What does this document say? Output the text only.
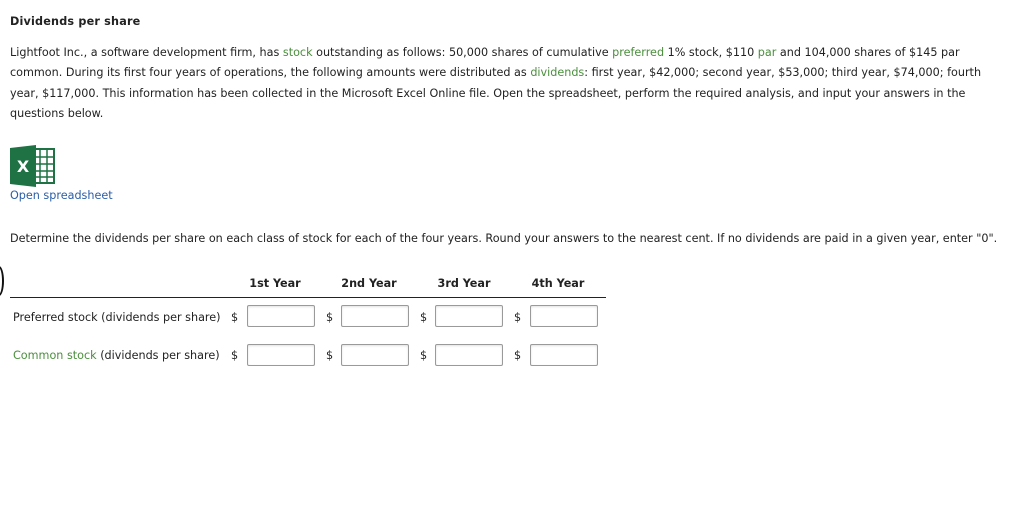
Dividends per share
Lightfoot Inc., a software development firm, has stock outstanding as follows: 50,000 shares of cumulative preferred 1% stock, $110 par and 104,000 shares of $145 par common. During its first four years of operations, the following amounts were distributed as dividends: first year, $42,000; second year, $53,000; third year, $74,000; fourth year, $117,000. This information has been collected in the Microsoft Excel Online file. Open the spreadsheet, perform the required analysis, and input your answers in the questions below.
X
Open spreadsheet
Determine the dividends per share on each class of stock for each of the four years. Round your answers to the nearest cent. If no dividends are paid in a given year, enter "0".
1st Year	2nd Year	3rd Year	4th Year
Preferred stock (dividends per share) $	$	$	$
Common stock (dividends per share) $	$	$	$
